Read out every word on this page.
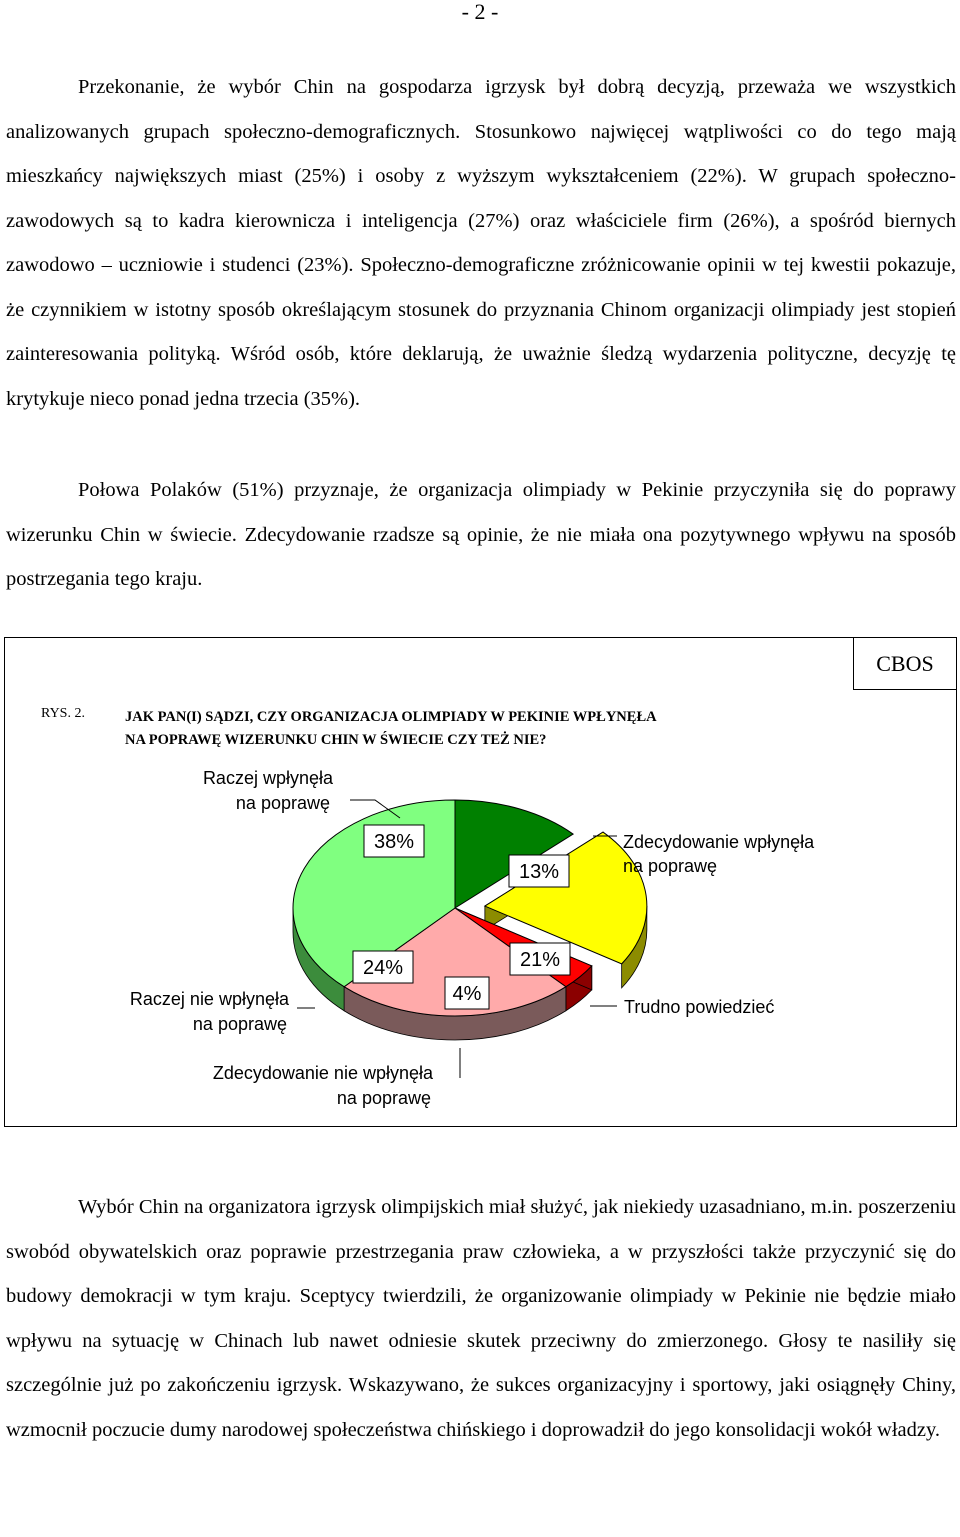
- 2 -

Przekonanie, że wybór Chin na gospodarza igrzysk był dobrą decyzją, przeważa we wszystkich analizowanych grupach społeczno-demograficznych. Stosunkowo najwięcej wątpliwości co do tego mają mieszkańcy największych miast (25%) i osoby z wyższym wykształceniem (22%). W grupach społeczno-zawodowych są to kadra kierownicza i inteligencja (27%) oraz właściciele firm (26%), a spośród biernych zawodowo – uczniowie i studenci (23%). Społeczno-demograficzne zróżnicowanie opinii w tej kwestii pokazuje, że czynnikiem w istotny sposób określającym stosunek do przyznania Chinom organizacji olimpiady jest stopień zainteresowania polityką. Wśród osób, które deklarują, że uważnie śledzą wydarzenia polityczne, decyzję tę krytykuje nieco ponad jedna trzecia (35%).

Połowa Polaków (51%) przyznaje, że organizacja olimpiady w Pekinie przyczyniła się do poprawy wizerunku Chin w świecie. Zdecydowanie rzadsze są opinie, że nie miała ona pozytywnego wpływu na sposób postrzegania tego kraju.

CBOS
RYS. 2.	JAK PAN(I) SĄDZI, CZY ORGANIZACJA OLIMPIADY W PEKINIE WPŁYNĘŁA
NA POPRAWĘ WIZERUNKU CHIN W ŚWIECIE CZY TEŻ NIE?
Raczej wpłynęła
na poprawę
Zdecydowanie wpłynęła
na poprawę
Raczej nie wpłynęła
na poprawę
Zdecydowanie nie wpłynęła
na poprawę
Trudno powiedzieć
38%
13%
24%
4%
21%

Wybór Chin na organizatora igrzysk olimpijskich miał służyć, jak niekiedy uzasadniano, m.in. poszerzeniu swobód obywatelskich oraz poprawie przestrzegania praw człowieka, a w przyszłości także przyczynić się do budowy demokracji w tym kraju. Sceptycy twierdzili, że organizowanie olimpiady w Pekinie nie będzie miało wpływu na sytuację w Chinach lub nawet odniesie skutek przeciwny do zmierzonego. Głosy te nasiliły się szczególnie już po zakończeniu igrzysk. Wskazywano, że sukces organizacyjny i sportowy, jaki osiągnęły Chiny, wzmocnił poczucie dumy narodowej społeczeństwa chińskiego i doprowadził do jego konsolidacji wokół władzy.
